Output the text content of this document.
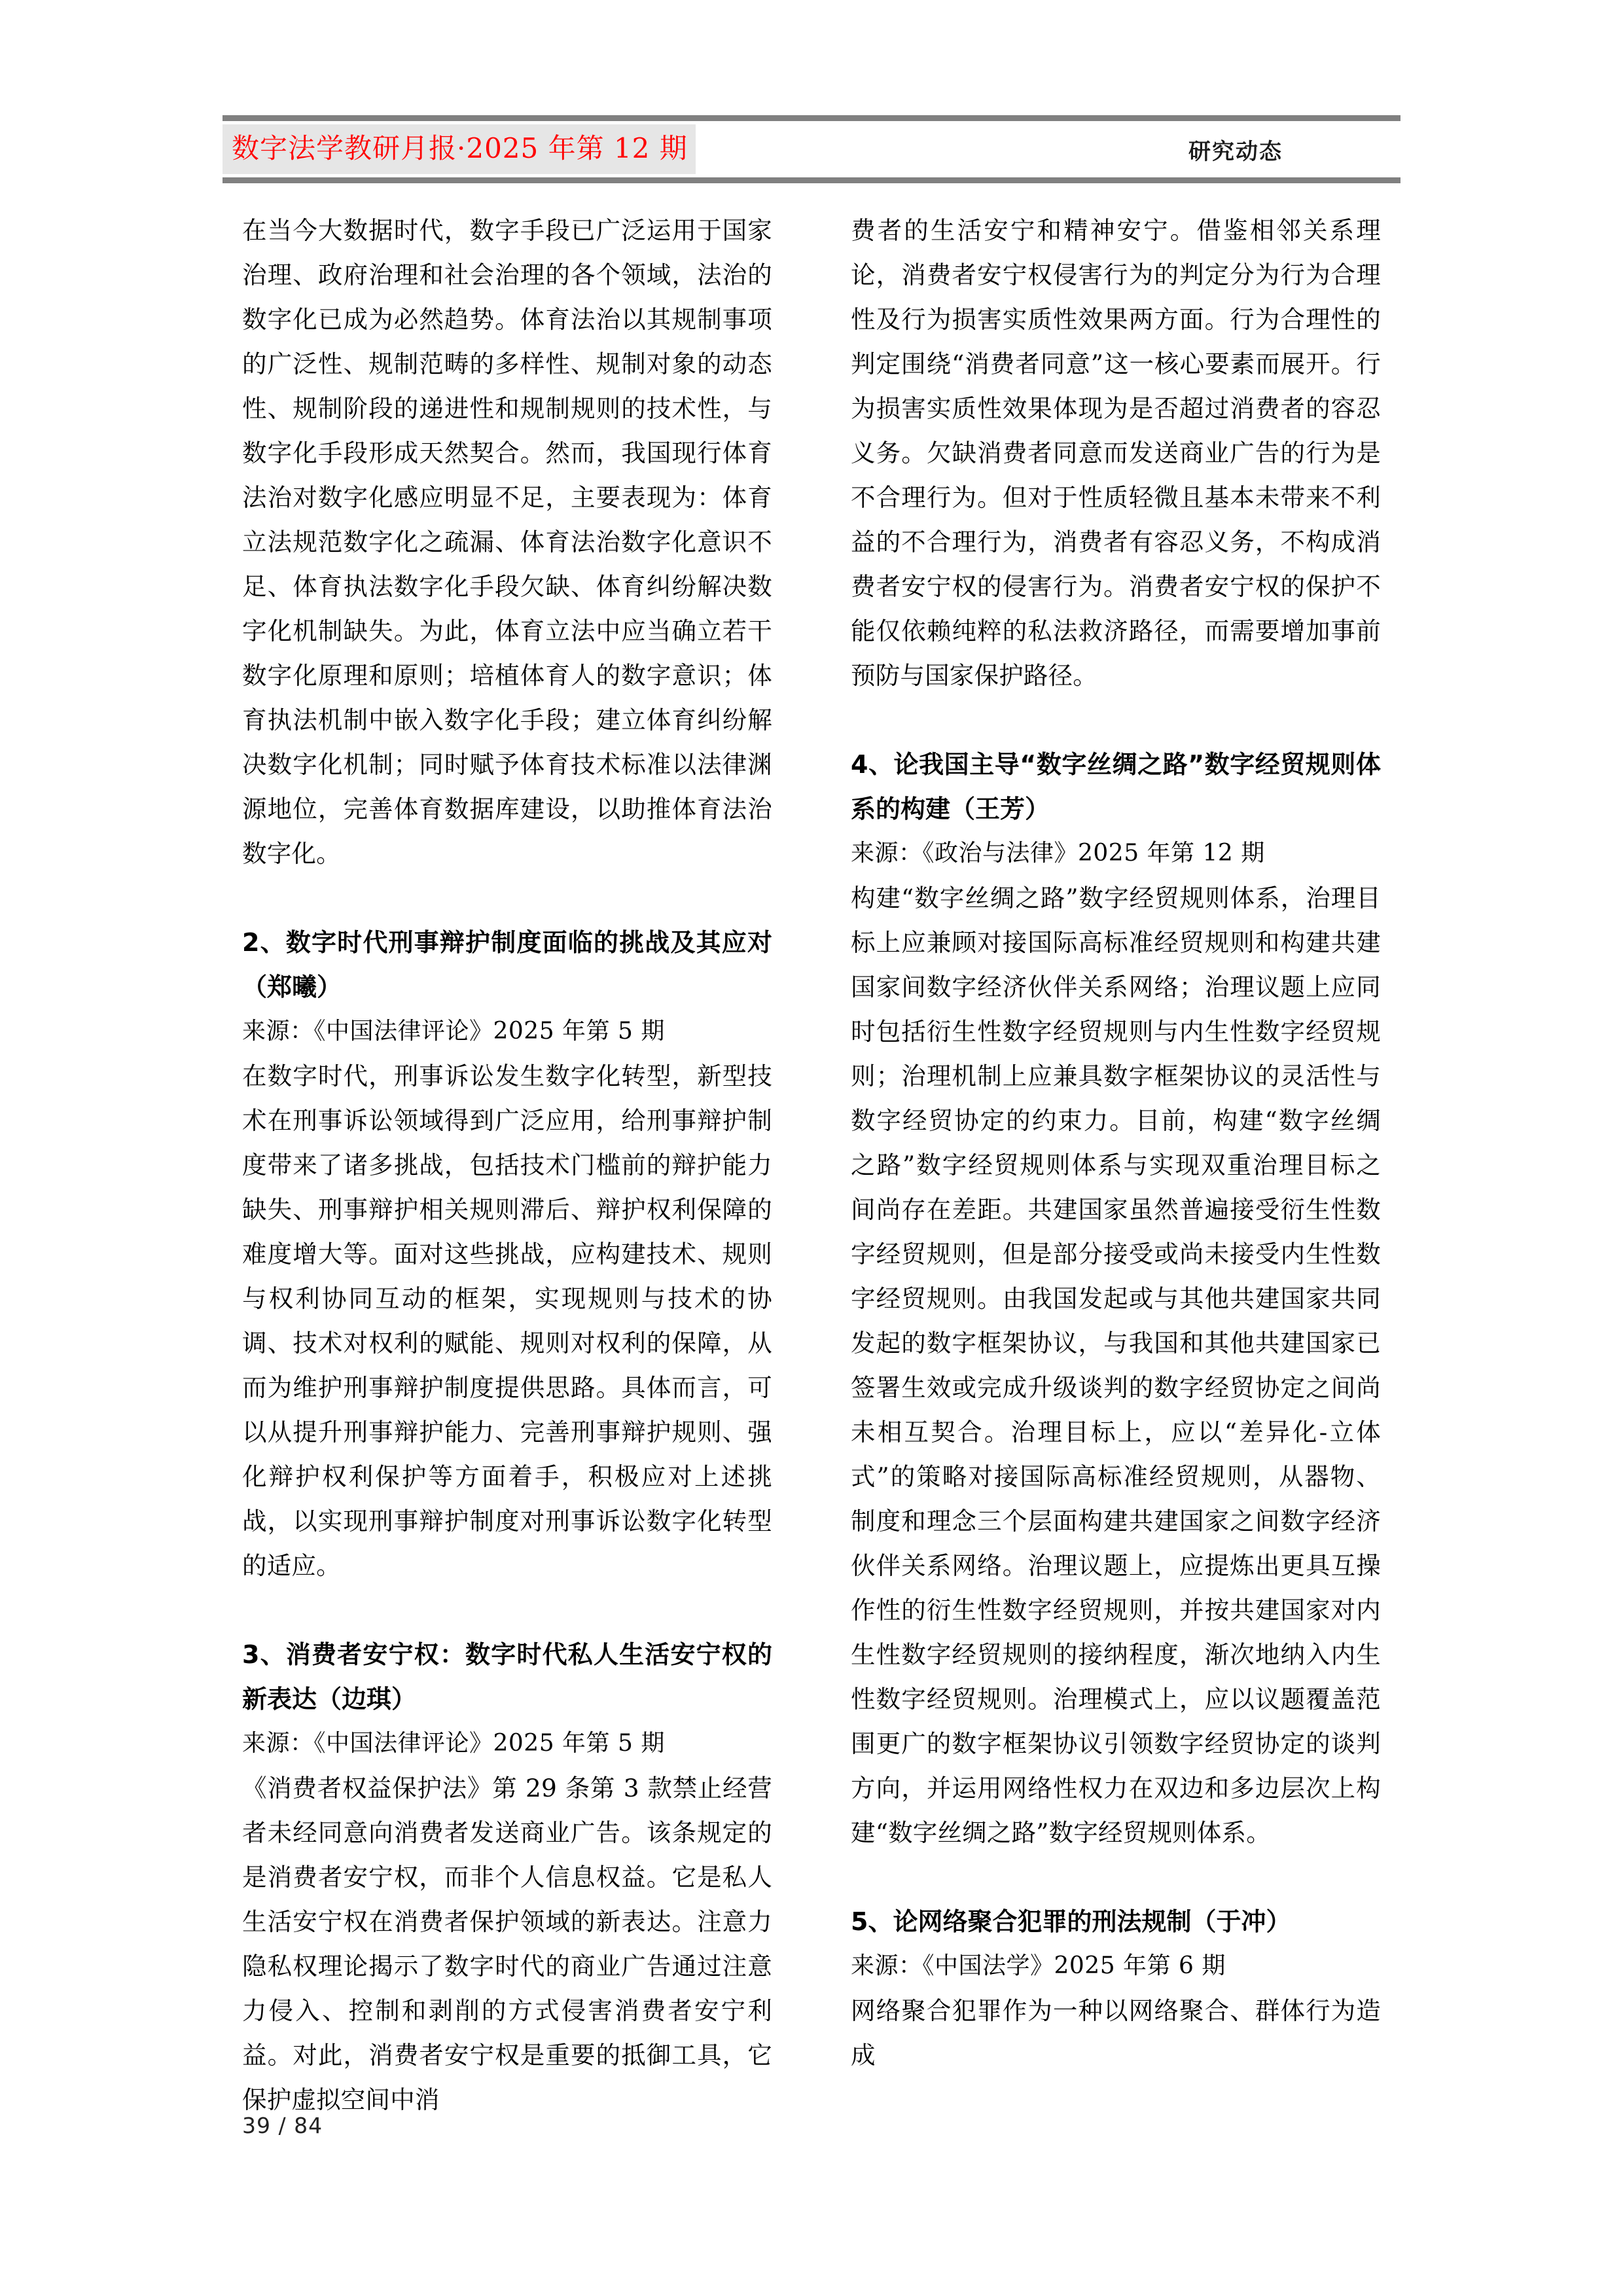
数字法学教研月报·2025 年第 12 期	研究动态

在当今大数据时代，数字手段已广泛运用于国家治理、政府治理和社会治理的各个领域，法治的数字化已成为必然趋势。体育法治以其规制事项的广泛性、规制范畴的多样性、规制对象的动态性、规制阶段的递进性和规制规则的技术性，与数字化手段形成天然契合。然而，我国现行体育法治对数字化感应明显不足，主要表现为：体育立法规范数字化之疏漏、体育法治数字化意识不足、体育执法数字化手段欠缺、体育纠纷解决数字化机制缺失。为此，体育立法中应当确立若干数字化原理和原则；培植体育人的数字意识；体育执法机制中嵌入数字化手段；建立体育纠纷解决数字化机制；同时赋予体育技术标准以法律渊源地位，完善体育数据库建设，以助推体育法治数字化。

2、数字时代刑事辩护制度面临的挑战及其应对（郑曦）

来源：《中国法律评论》2025 年第 5 期

在数字时代，刑事诉讼发生数字化转型，新型技术在刑事诉讼领域得到广泛应用，给刑事辩护制度带来了诸多挑战，包括技术门槛前的辩护能力缺失、刑事辩护相关规则滞后、辩护权利保障的难度增大等。面对这些挑战，应构建技术、规则与权利协同互动的框架，实现规则与技术的协调、技术对权利的赋能、规则对权利的保障，从而为维护刑事辩护制度提供思路。具体而言，可以从提升刑事辩护能力、完善刑事辩护规则、强化辩护权利保护等方面着手，积极应对上述挑战，以实现刑事辩护制度对刑事诉讼数字化转型的适应。

3、消费者安宁权：数字时代私人生活安宁权的新表达（边琪）

来源：《中国法律评论》2025 年第 5 期

《消费者权益保护法》第 29 条第 3 款禁止经营者未经同意向消费者发送商业广告。该条规定的是消费者安宁权，而非个人信息权益。它是私人生活安宁权在消费者保护领域的新表达。注意力隐私权理论揭示了数字时代的商业广告通过注意力侵入、控制和剥削的方式侵害消费者安宁利益。对此，消费者安宁权是重要的抵御工具，它保护虚拟空间中消

费者的生活安宁和精神安宁。借鉴相邻关系理论，消费者安宁权侵害行为的判定分为行为合理性及行为损害实质性效果两方面。行为合理性的判定围绕“消费者同意”这一核心要素而展开。行为损害实质性效果体现为是否超过消费者的容忍义务。欠缺消费者同意而发送商业广告的行为是不合理行为。但对于性质轻微且基本未带来不利益的不合理行为，消费者有容忍义务，不构成消费者安宁权的侵害行为。消费者安宁权的保护不能仅依赖纯粹的私法救济路径，而需要增加事前预防与国家保护路径。

4、论我国主导“数字丝绸之路”数字经贸规则体系的构建（王芳）

来源：《政治与法律》2025 年第 12 期

构建“数字丝绸之路”数字经贸规则体系，治理目标上应兼顾对接国际高标准经贸规则和构建共建国家间数字经济伙伴关系网络；治理议题上应同时包括衍生性数字经贸规则与内生性数字经贸规则；治理机制上应兼具数字框架协议的灵活性与数字经贸协定的约束力。目前，构建“数字丝绸之路”数字经贸规则体系与实现双重治理目标之间尚存在差距。共建国家虽然普遍接受衍生性数字经贸规则，但是部分接受或尚未接受内生性数字经贸规则。由我国发起或与其他共建国家共同发起的数字框架协议，与我国和其他共建国家已签署生效或完成升级谈判的数字经贸协定之间尚未相互契合。治理目标上，应以“差异化-立体式”的策略对接国际高标准经贸规则，从器物、制度和理念三个层面构建共建国家之间数字经济伙伴关系网络。治理议题上，应提炼出更具互操作性的衍生性数字经贸规则，并按共建国家对内生性数字经贸规则的接纳程度，渐次地纳入内生性数字经贸规则。治理模式上，应以议题覆盖范围更广的数字框架协议引领数字经贸协定的谈判方向，并运用网络性权力在双边和多边层次上构建“数字丝绸之路”数字经贸规则体系。

5、论网络聚合犯罪的刑法规制（于冲）

来源：《中国法学》2025 年第 6 期

网络聚合犯罪作为一种以网络聚合、群体行为造成

39 / 84
